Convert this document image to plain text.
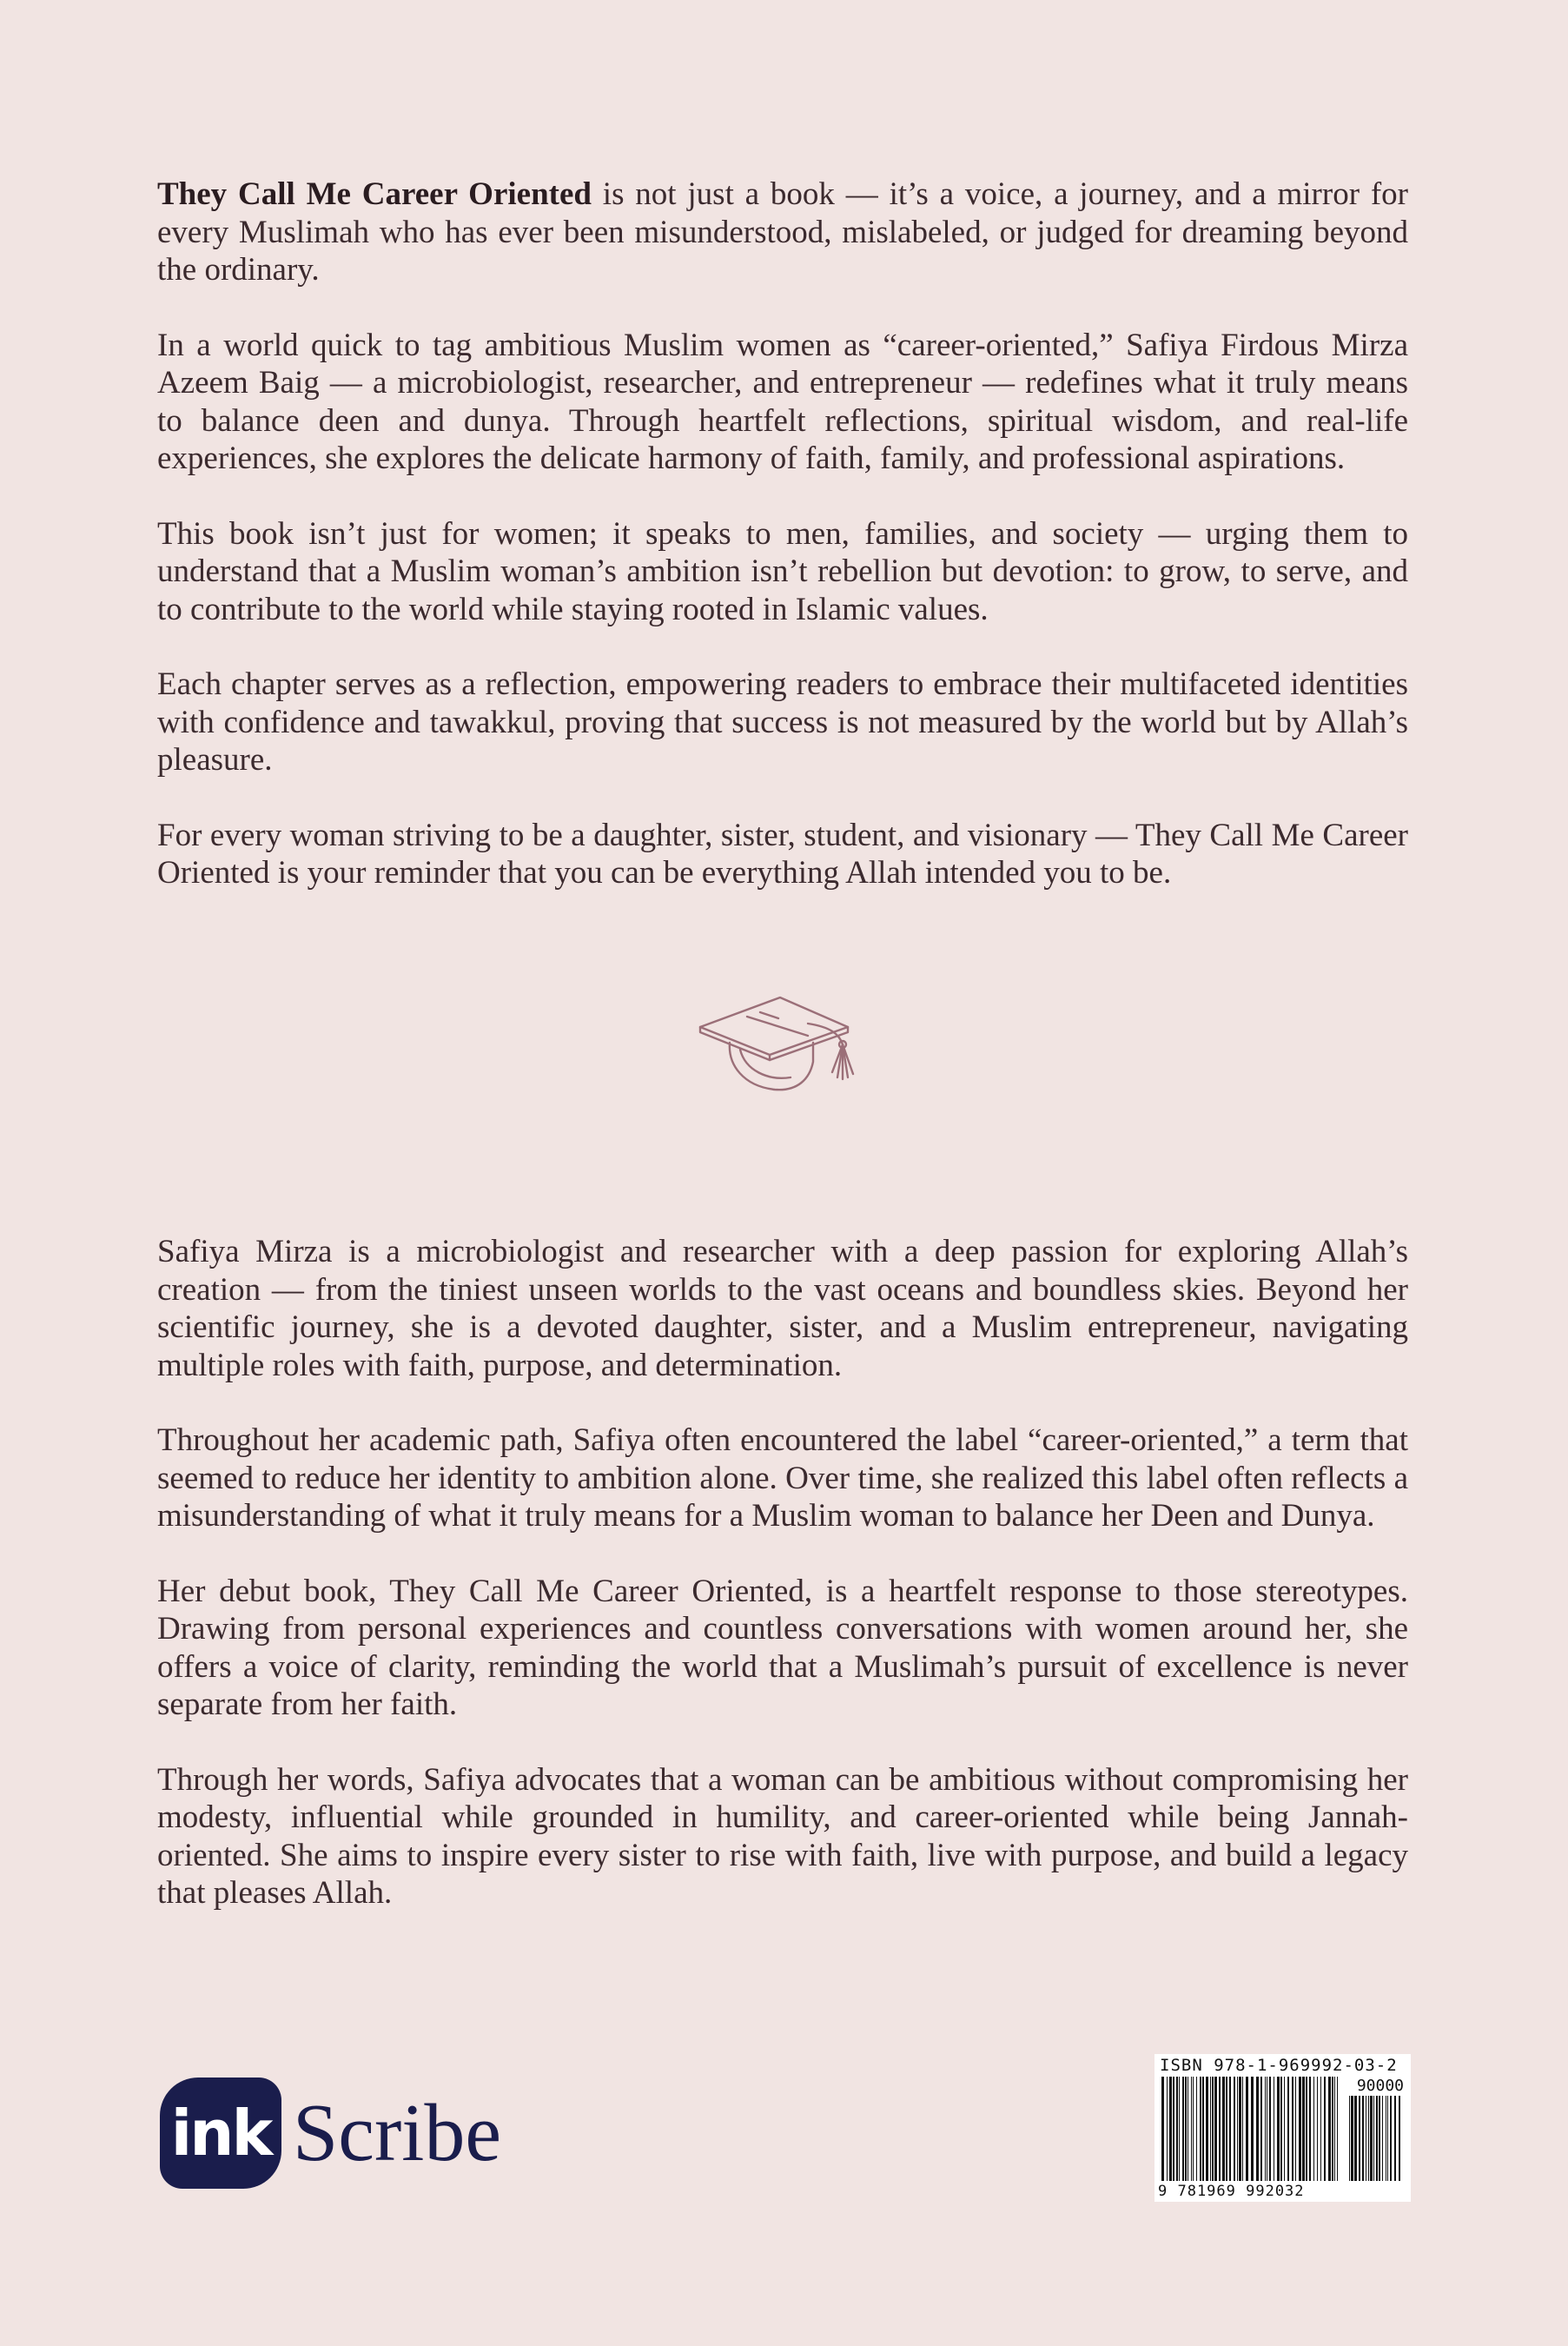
They Call Me Career Oriented is not just a book — it’s a voice, a journey, and a mirror for every Muslimah who has ever been misunderstood, mislabeled, or judged for dreaming beyond the ordinary.

In a world quick to tag ambitious Muslim women as “career-oriented,” Safiya Firdous Mirza Azeem Baig — a microbiologist, researcher, and entrepreneur — redefines what it truly means to balance deen and dunya. Through heartfelt reflections, spiritual wisdom, and real-life experiences, she explores the delicate harmony of faith, family, and professional aspirations.

This book isn’t just for women; it speaks to men, families, and society — urging them to understand that a Muslim woman’s ambition isn’t rebellion but devotion: to grow, to serve, and to contribute to the world while staying rooted in Islamic values.

Each chapter serves as a reflection, empowering readers to embrace their multifaceted identities with confidence and tawakkul, proving that success is not measured by the world but by Allah’s pleasure.

For every woman striving to be a daughter, sister, student, and visionary — They Call Me Career Oriented is your reminder that you can be everything Allah intended you to be.

Safiya Mirza is a microbiologist and researcher with a deep passion for exploring Allah’s creation — from the tiniest unseen worlds to the vast oceans and boundless skies. Beyond her scientific journey, she is a devoted daughter, sister, and a Muslim entrepreneur, navigating multiple roles with faith, purpose, and determination.

Throughout her academic path, Safiya often encountered the label “career-oriented,” a term that seemed to reduce her identity to ambition alone. Over time, she realized this label often reflects a misunderstanding of what it truly means for a Muslim woman to balance her Deen and Dunya.

Her debut book, They Call Me Career Oriented, is a heartfelt response to those stereotypes. Drawing from personal experiences and countless conversations with women around her, she offers a voice of clarity, reminding the world that a Muslimah’s pursuit of excellence is never separate from her faith.

Through her words, Safiya advocates that a woman can be ambitious without compromising her modesty, influential while grounded in humility, and career-oriented while being Jannah-oriented. She aims to inspire every sister to rise with faith, live with purpose, and build a legacy that pleases Allah.

ink Scribe
ISBN 978-1-969992-03-2
90000
9 781969 992032
